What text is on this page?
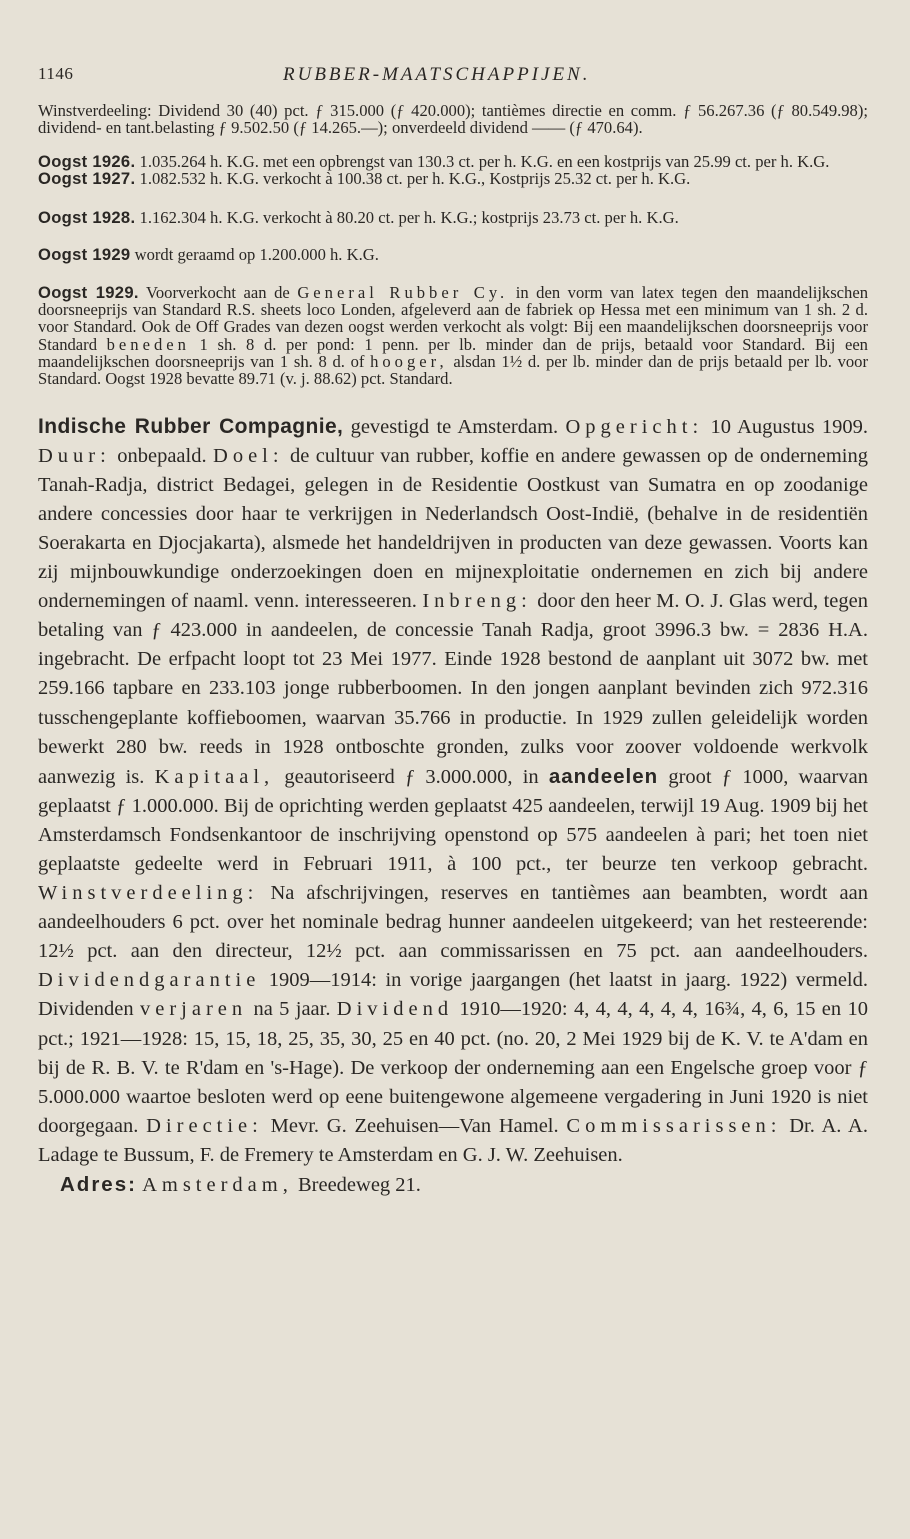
1146	RUBBER-MAATSCHAPPIJEN.

Winstverdeeling: Dividend 30 (40) pct. ƒ 315.000 (ƒ 420.000); tantièmes directie en comm. ƒ 56.267.36 (ƒ 80.549.98); dividend- en tant.belasting ƒ 9.502.50 (ƒ 14.265.—); onverdeeld dividend —— (ƒ 470.64).

Oogst 1926. 1.035.264 h. K.G. met een opbrengst van 130.3 ct. per h. K.G. en een kostprijs van 25.99 ct. per h. K.G.

Oogst 1927. 1.082.532 h. K.G. verkocht à 100.38 ct. per h. K.G., Kostprijs 25.32 ct. per h. K.G.

Oogst 1928. 1.162.304 h. K.G. verkocht à 80.20 ct. per h. K.G.; kostprijs 23.73 ct. per h. K.G.

Oogst 1929 wordt geraamd op 1.200.000 h. K.G.

Oogst 1929. Voorverkocht aan de General Rubber Cy. in den vorm van latex tegen den maandelijkschen doorsneeprijs van Standard R.S. sheets loco Londen, afgeleverd aan de fabriek op Hessa met een minimum van 1 sh. 2 d. voor Standard. Ook de Off Grades van dezen oogst werden verkocht als volgt: Bij een maandelijkschen doorsneeprijs voor Standard beneden 1 sh. 8 d. per pond: 1 penn. per lb. minder dan de prijs, betaald voor Standard. Bij een maandelijkschen doorsneeprijs van 1 sh. 8 d. of hooger, alsdan 1½ d. per lb. minder dan de prijs betaald per lb. voor Standard. Oogst 1928 bevatte 89.71 (v. j. 88.62) pct. Standard.

Indische Rubber Compagnie, gevestigd te Amsterdam. Opgericht: 10 Augustus 1909. Duur: onbepaald. Doel: de cultuur van rubber, koffie en andere gewassen op de onderneming Tanah-Radja, district Bedagei, gelegen in de Residentie Oostkust van Sumatra en op zoodanige andere concessies door haar te verkrijgen in Nederlandsch Oost-Indië, (behalve in de residentiën Soerakarta en Djocjakarta), alsmede het handeldrijven in producten van deze gewassen. Voorts kan zij mijnbouwkundige onderzoekingen doen en mijnexploitatie ondernemen en zich bij andere ondernemingen of naaml. venn. interesseeren. Inbreng: door den heer M. O. J. Glas werd, tegen betaling van ƒ 423.000 in aandeelen, de concessie Tanah Radja, groot 3996.3 bw. = 2836 H.A. ingebracht. De erfpacht loopt tot 23 Mei 1977. Einde 1928 bestond de aanplant uit 3072 bw. met 259.166 tapbare en 233.103 jonge rubberboomen. In den jongen aanplant bevinden zich 972.316 tusschengeplante koffieboomen, waarvan 35.766 in productie. In 1929 zullen geleidelijk worden bewerkt 280 bw. reeds in 1928 ontboschte gronden, zulks voor zoover voldoende werkvolk aanwezig is. Kapitaal, geautoriseerd ƒ 3.000.000, in aandeelen groot ƒ 1000, waarvan geplaatst ƒ 1.000.000. Bij de oprichting werden geplaatst 425 aandeelen, terwijl 19 Aug. 1909 bij het Amsterdamsch Fondsenkantoor de inschrijving openstond op 575 aandeelen à pari; het toen niet geplaatste gedeelte werd in Februari 1911, à 100 pct., ter beurze ten verkoop gebracht. Winstverdeeling: Na afschrijvingen, reserves en tantièmes aan beambten, wordt aan aandeelhouders 6 pct. over het nominale bedrag hunner aandeelen uitgekeerd; van het resteerende: 12½ pct. aan den directeur, 12½ pct. aan commissarissen en 75 pct. aan aandeelhouders. Dividendgarantie 1909—1914: in vorige jaargangen (het laatst in jaarg. 1922) vermeld. Dividenden verjaren na 5 jaar. Dividend 1910—1920: 4, 4, 4, 4, 4, 4, 16¾, 4, 6, 15 en 10 pct.; 1921—1928: 15, 15, 18, 25, 35, 30, 25 en 40 pct. (no. 20, 2 Mei 1929 bij de K. V. te A'dam en bij de R. B. V. te R'dam en 's-Hage). De verkoop der onderneming aan een Engelsche groep voor ƒ 5.000.000 waartoe besloten werd op eene buitengewone algemeene vergadering in Juni 1920 is niet doorgegaan. Directie: Mevr. G. Zeehuisen—Van Hamel. Commissarissen: Dr. A. A. Ladage te Bussum, F. de Fremery te Amsterdam en G. J. W. Zeehuisen.

Adres: Amsterdam, Breedeweg 21.
